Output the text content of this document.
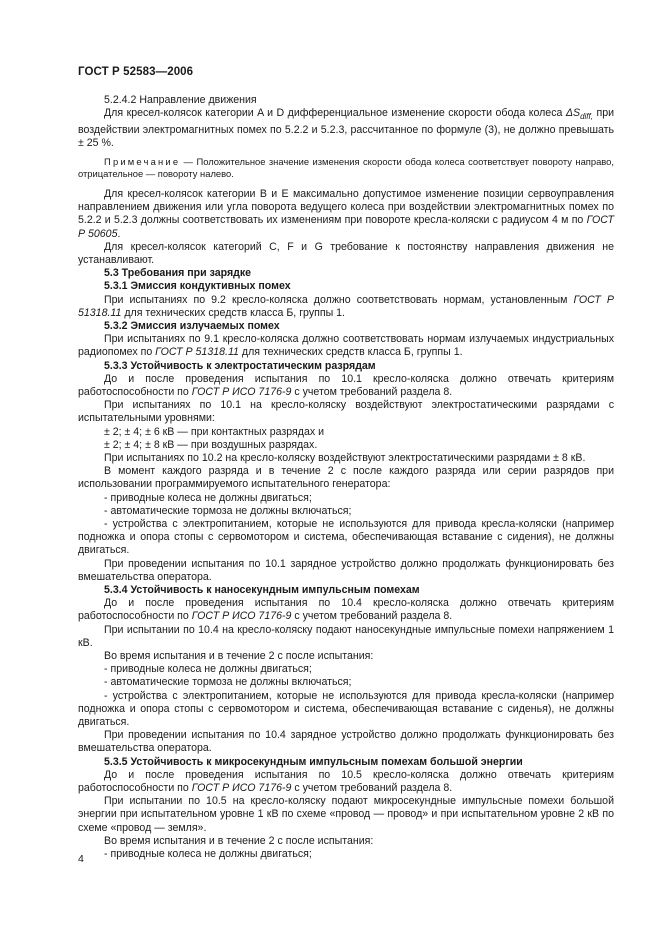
ГОСТ Р 52583—2006

5.2.4.2 Направление движения

Для кресел-колясок категории A и D дифференциальное изменение скорости обода колеса $\Delta S_{diff,}$ при воздействии электромагнитных помех по 5.2.2 и 5.2.3, рассчитанное по формуле (3), не должно превышать ± 25 %.

Примечание — Положительное значение изменения скорости обода колеса соответствует повороту направо, отрицательное — повороту налево.

Для кресел-колясок категории B и E максимально допустимое изменение позиции сервоуправления направлением движения или угла поворота ведущего колеса при воздействии электромагнитных помех по 5.2.2 и 5.2.3 должны соответствовать их изменениям при повороте кресла-коляски с радиусом 4 м по ГОСТ Р 50605.

Для кресел-колясок категорий C, F и G требование к постоянству направления движения не устанавливают.

5.3 Требования при зарядке

5.3.1 Эмиссия кондуктивных помех

При испытаниях по 9.2 кресло-коляска должно соответствовать нормам, установленным ГОСТ Р 51318.11 для технических средств класса Б, группы 1.

5.3.2 Эмиссия излучаемых помех

При испытаниях по 9.1 кресло-коляска должно соответствовать нормам излучаемых индустриальных радиопомех по ГОСТ Р 51318.11 для технических средств класса Б, группы 1.

5.3.3 Устойчивость к электростатическим разрядам

До и после проведения испытания по 10.1 кресло-коляска должно отвечать критериям работоспособности по ГОСТ Р ИСО 7176-9 с учетом требований раздела 8.

При испытаниях по 10.1 на кресло-коляску воздействуют электростатическими разрядами с испытательными уровнями:

± 2; ± 4; ± 6 кВ — при контактных разрядах и

± 2; ± 4; ± 8 кВ — при воздушных разрядах.

При испытаниях по 10.2 на кресло-коляску воздействуют электростатическими разрядами ± 8 кВ.

В момент каждого разряда и в течение 2 с после каждого разряда или серии разрядов при использовании программируемого испытательного генератора:

- приводные колеса не должны двигаться;

- автоматические тормоза не должны включаться;

- устройства с электропитанием, которые не используются для привода кресла-коляски (например подножка и опора стопы с сервомотором и система, обеспечивающая вставание с сидения), не должны двигаться.

При проведении испытания по 10.1 зарядное устройство должно продолжать функционировать без вмешательства оператора.

5.3.4 Устойчивость к наносекундным импульсным помехам

До и после проведения испытания по 10.4 кресло-коляска должно отвечать критериям работоспособности по ГОСТ Р ИСО 7176-9 с учетом требований раздела 8.

При испытании по 10.4 на кресло-коляску подают наносекундные импульсные помехи напряжением 1 кВ.

Во время испытания и в течение 2 с после испытания:

- приводные колеса не должны двигаться;

- автоматические тормоза не должны включаться;

- устройства с электропитанием, которые не используются для привода кресла-коляски (например подножка и опора стопы с сервомотором и система, обеспечивающая вставание с сиденья), не должны двигаться.

При проведении испытания по 10.4 зарядное устройство должно продолжать функционировать без вмешательства оператора.

5.3.5 Устойчивость к микросекундным импульсным помехам большой энергии

До и после проведения испытания по 10.5 кресло-коляска должно отвечать критериям работоспособности по ГОСТ Р ИСО 7176-9 с учетом требований раздела 8.

При испытании по 10.5 на кресло-коляску подают микросекундные импульсные помехи большой энергии при испытательном уровне 1 кВ по схеме «провод — провод» и при испытательном уровне 2 кВ по схеме «провод — земля».

Во время испытания и в течение 2 с после испытания:

- приводные колеса не должны двигаться;

4
